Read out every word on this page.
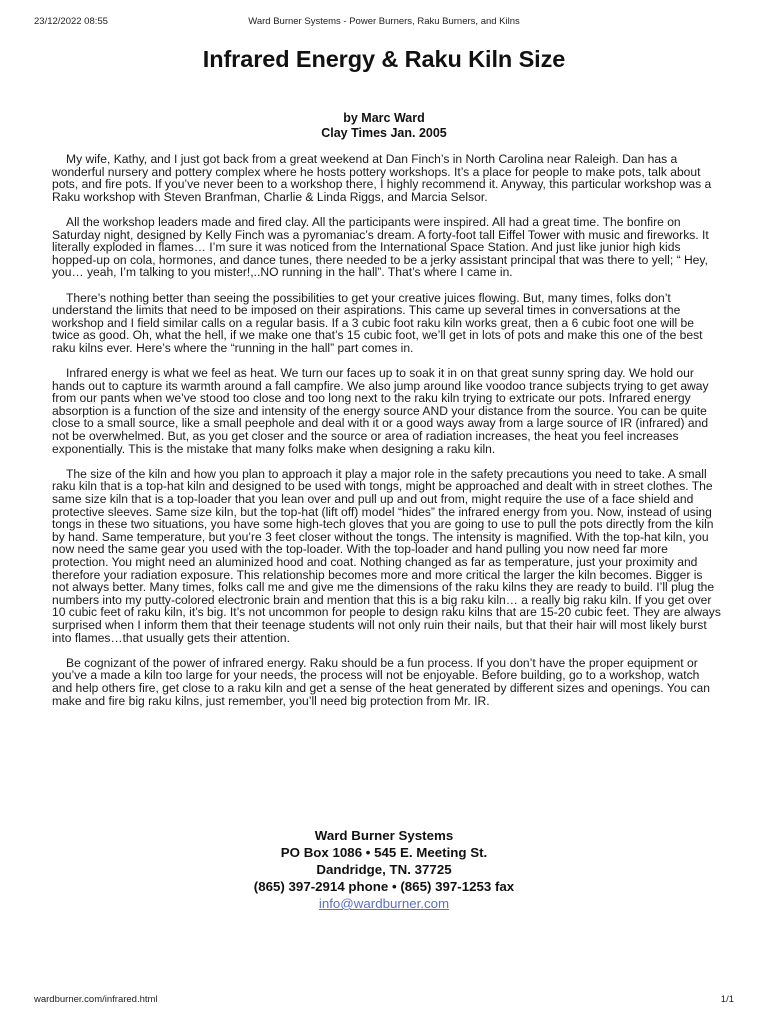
23/12/2022 08:55	Ward Burner Systems - Power Burners, Raku Burners, and Kilns
Infrared Energy & Raku Kiln Size
by Marc Ward
Clay Times Jan. 2005

My wife, Kathy, and I just got back from a great weekend at Dan Finch’s in North Carolina near Raleigh. Dan has a wonderful nursery and pottery complex where he hosts pottery workshops. It’s a place for people to make pots, talk about pots, and fire pots. If you’ve never been to a workshop there, I highly recommend it. Anyway, this particular workshop was a Raku workshop with Steven Branfman, Charlie & Linda Riggs, and Marcia Selsor.

All the workshop leaders made and fired clay. All the participants were inspired. All had a great time. The bonfire on Saturday night, designed by Kelly Finch was a pyromaniac’s dream. A forty-foot tall Eiffel Tower with music and fireworks. It literally exploded in flames… I’m sure it was noticed from the International Space Station. And just like junior high kids hopped-up on cola, hormones, and dance tunes, there needed to be a jerky assistant principal that was there to yell; “ Hey, you… yeah, I’m talking to you mister!,..NO running in the hall”. That’s where I came in.

There’s nothing better than seeing the possibilities to get your creative juices flowing. But, many times, folks don’t understand the limits that need to be imposed on their aspirations. This came up several times in conversations at the workshop and I field similar calls on a regular basis. If a 3 cubic foot raku kiln works great, then a 6 cubic foot one will be twice as good. Oh, what the hell, if we make one that’s 15 cubic foot, we’ll get in lots of pots and make this one of the best raku kilns ever. Here’s where the “running in the hall” part comes in.

Infrared energy is what we feel as heat. We turn our faces up to soak it in on that great sunny spring day. We hold our hands out to capture its warmth around a fall campfire. We also jump around like voodoo trance subjects trying to get away from our pants when we’ve stood too close and too long next to the raku kiln trying to extricate our pots. Infrared energy absorption is a function of the size and intensity of the energy source AND your distance from the source. You can be quite close to a small source, like a small peephole and deal with it or a good ways away from a large source of IR (infrared) and not be overwhelmed. But, as you get closer and the source or area of radiation increases, the heat you feel increases exponentially. This is the mistake that many folks make when designing a raku kiln.

The size of the kiln and how you plan to approach it play a major role in the safety precautions you need to take. A small raku kiln that is a top-hat kiln and designed to be used with tongs, might be approached and dealt with in street clothes. The same size kiln that is a top-loader that you lean over and pull up and out from, might require the use of a face shield and protective sleeves. Same size kiln, but the top-hat (lift off) model “hides” the infrared energy from you. Now, instead of using tongs in these two situations, you have some high-tech gloves that you are going to use to pull the pots directly from the kiln by hand. Same temperature, but you’re 3 feet closer without the tongs. The intensity is magnified. With the top-hat kiln, you now need the same gear you used with the top-loader. With the top-loader and hand pulling you now need far more protection. You might need an aluminized hood and coat. Nothing changed as far as temperature, just your proximity and therefore your radiation exposure. This relationship becomes more and more critical the larger the kiln becomes. Bigger is not always better. Many times, folks call me and give me the dimensions of the raku kilns they are ready to build. I’ll plug the numbers into my putty-colored electronic brain and mention that this is a big raku kiln… a really big raku kiln. If you get over 10 cubic feet of raku kiln, it’s big. It’s not uncommon for people to design raku kilns that are 15-20 cubic feet. They are always surprised when I inform them that their teenage students will not only ruin their nails, but that their hair will most likely burst into flames…that usually gets their attention.

Be cognizant of the power of infrared energy. Raku should be a fun process. If you don’t have the proper equipment or you’ve a made a kiln too large for your needs, the process will not be enjoyable. Before building, go to a workshop, watch and help others fire, get close to a raku kiln and get a sense of the heat generated by different sizes and openings. You can make and fire big raku kilns, just remember, you’ll need big protection from Mr. IR.

Ward Burner Systems
PO Box 1086 • 545 E. Meeting St.
Dandridge, TN. 37725
(865) 397-2914 phone • (865) 397-1253 fax
info@wardburner.com
wardburner.com/infrared.html	1/1
